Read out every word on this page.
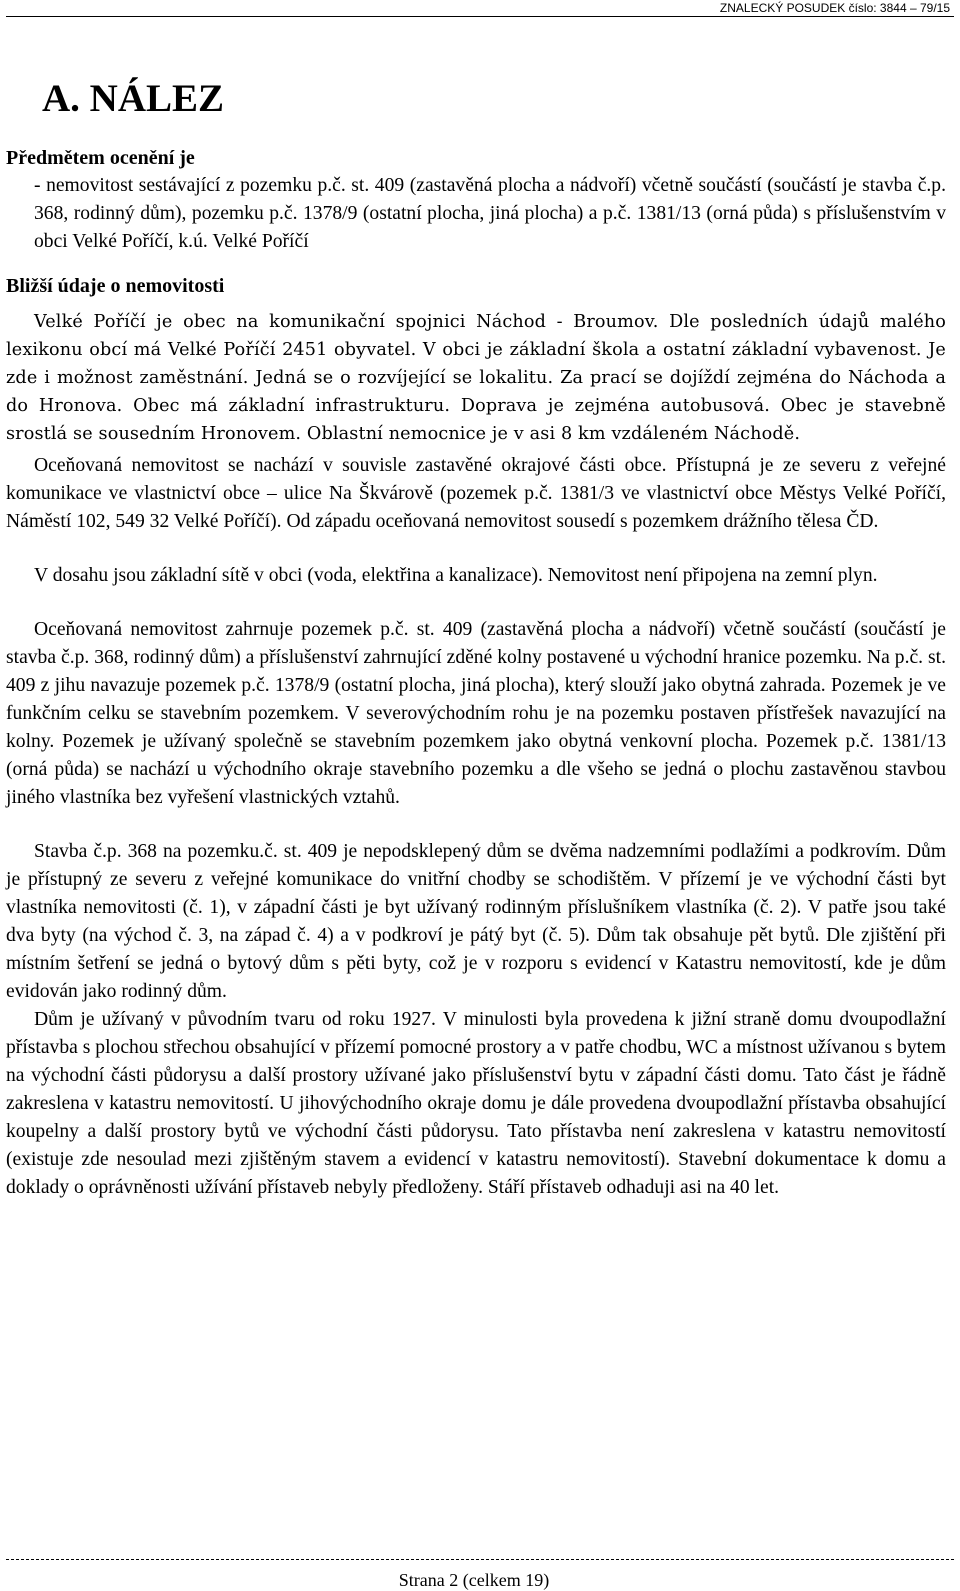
ZNALECKÝ POSUDEK číslo: 3844 – 79/15
A. NÁLEZ

Předmětem ocenění je

- nemovitost sestávající z pozemku p.č. st. 409 (zastavěná plocha a nádvoří) včetně součástí (součástí je stavba č.p. 368, rodinný dům), pozemku p.č. 1378/9 (ostatní plocha, jiná plocha) a p.č. 1381/13 (orná půda) s příslušenstvím v obci Velké Poříčí, k.ú. Velké Poříčí

Bližší údaje o nemovitosti

Velké Poříčí je obec na komunikační spojnici Náchod - Broumov. Dle posledních údajů malého lexikonu obcí má Velké Poříčí 2451 obyvatel. V obci je základní škola a ostatní základní vybavenost. Je zde i možnost zaměstnání. Jedná se o rozvíjející se lokalitu. Za prací se dojíždí zejména do Náchoda a do Hronova. Obec má základní infrastrukturu. Doprava je zejména autobusová. Obec je stavebně srostlá se sousedním Hronovem. Oblastní nemocnice je v asi 8 km vzdáleném Náchodě.

Oceňovaná nemovitost se nachází v souvisle zastavěné okrajové části obce. Přístupná je ze severu z veřejné komunikace ve vlastnictví obce – ulice Na Škvárově (pozemek p.č. 1381/3 ve vlastnictví obce Městys Velké Poříčí, Náměstí 102, 549 32 Velké Poříčí). Od západu oceňovaná nemovitost sousedí s pozemkem drážního tělesa ČD.

V dosahu jsou základní sítě v obci (voda, elektřina a kanalizace). Nemovitost není připojena na zemní plyn.

Oceňovaná nemovitost zahrnuje pozemek p.č. st. 409 (zastavěná plocha a nádvoří) včetně součástí (součástí je stavba č.p. 368, rodinný dům) a příslušenství zahrnující zděné kolny postavené u východní hranice pozemku. Na p.č. st. 409 z jihu navazuje pozemek p.č. 1378/9 (ostatní plocha, jiná plocha), který slouží jako obytná zahrada. Pozemek je ve funkčním celku se stavebním pozemkem. V severovýchodním rohu je na pozemku postaven přístřešek navazující na kolny. Pozemek je užívaný společně se stavebním pozemkem jako obytná venkovní plocha. Pozemek p.č. 1381/13 (orná půda) se nachází u východního okraje stavebního pozemku a dle všeho se jedná o plochu zastavěnou stavbou jiného vlastníka bez vyřešení vlastnických vztahů.

Stavba č.p. 368 na pozemku.č. st. 409 je nepodsklepený dům se dvěma nadzemními podlažími a podkrovím. Dům je přístupný ze severu z veřejné komunikace do vnitřní chodby se schodištěm. V přízemí je ve východní části byt vlastníka nemovitosti (č. 1), v západní části je byt užívaný rodinným příslušníkem vlastníka (č. 2). V patře jsou také dva byty (na východ č. 3, na západ č. 4) a v podkroví je pátý byt (č. 5). Dům tak obsahuje pět bytů. Dle zjištění při místním šetření se jedná o bytový dům s pěti byty, což je v rozporu s evidencí v Katastru nemovitostí, kde je dům evidován jako rodinný dům.

Dům je užívaný v původním tvaru od roku 1927. V minulosti byla provedena k jižní straně domu dvoupodlažní přístavba s plochou střechou obsahující v přízemí pomocné prostory a v patře chodbu, WC a místnost užívanou s bytem na východní části půdorysu a další prostory užívané jako příslušenství bytu v západní části domu. Tato část je řádně zakreslena v katastru nemovitostí. U jihovýchodního okraje domu je dále provedena dvoupodlažní přístavba obsahující koupelny a další prostory bytů ve východní části půdorysu. Tato přístavba není zakreslena v katastru nemovitostí (existuje zde nesoulad mezi zjištěným stavem a evidencí v katastru nemovitostí). Stavební dokumentace k domu a doklady o oprávněnosti užívání přístaveb nebyly předloženy. Stáří přístaveb odhaduji asi na 40 let.

Strana 2 (celkem 19)
